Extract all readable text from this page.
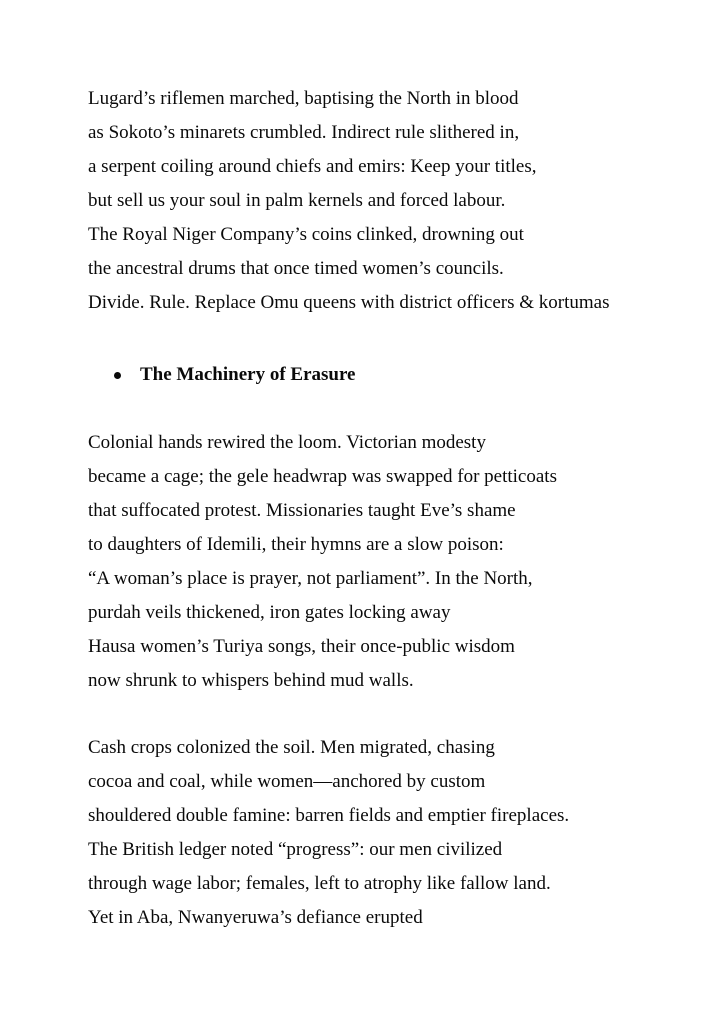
Lugard’s riflemen marched, baptising the North in blood
as Sokoto’s minarets crumbled. Indirect rule slithered in,
a serpent coiling around chiefs and emirs: Keep your titles,
but sell us your soul in palm kernels and forced labour.
The Royal Niger Company’s coins clinked, drowning out
the ancestral drums that once timed women’s councils.
Divide. Rule. Replace Omu queens with district officers & kortumas
The Machinery of Erasure
Colonial hands rewired the loom. Victorian modesty
became a cage; the gele headwrap was swapped for petticoats
that suffocated protest. Missionaries taught Eve’s shame
to daughters of Idemili, their hymns are a slow poison:
“A woman’s place is prayer, not parliament”. In the North,
purdah veils thickened, iron gates locking away
Hausa women’s Turiya songs, their once-public wisdom
now shrunk to whispers behind mud walls.
Cash crops colonized the soil. Men migrated, chasing
cocoa and coal, while women—anchored by custom
shouldered double famine: barren fields and emptier fireplaces.
The British ledger noted “progress”: our men civilized
through wage labor; females, left to atrophy like fallow land.
Yet in Aba, Nwanyeruwa’s defiance erupted
